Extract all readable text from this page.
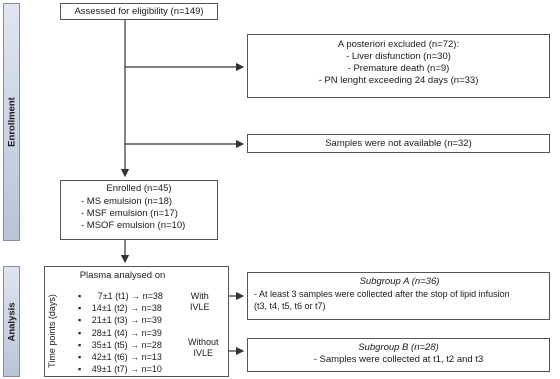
Enrollment
Analysis
Assessed for eligibility (n=149)
A posteriori excluded (n=72):
- Liver disfunction (n=30)
- Premature death (n=9)
- PN lenght exceeding 24 days (n=33)
Samples were not available (n=32)
Enrolled (n=45)
- MS emulsion (n=18)
- MSF emulsion (n=17)
- MSOF emulsion (n=10)
Plasma analysed on
Time points (days) ▪ 7±1 (t1) → n=38
▪ 14±1 (t2) → n=38
▪ 21±1 (t3) → n=39
▪ 28±1 (t4) → n=39
▪ 35±1 (t5) → n=28
▪ 42±1 (t6) → n=13
▪ 49±1 (t7) → n=10
With
IVLE
Without
IVLE
Subgroup A (n=36)
- At least 3 samples were collected after the stop of lipid infusion
(t3, t4, t5, t6 or t7)
Subgroup B (n=28)
- Samples were collected at t1, t2 and t3
